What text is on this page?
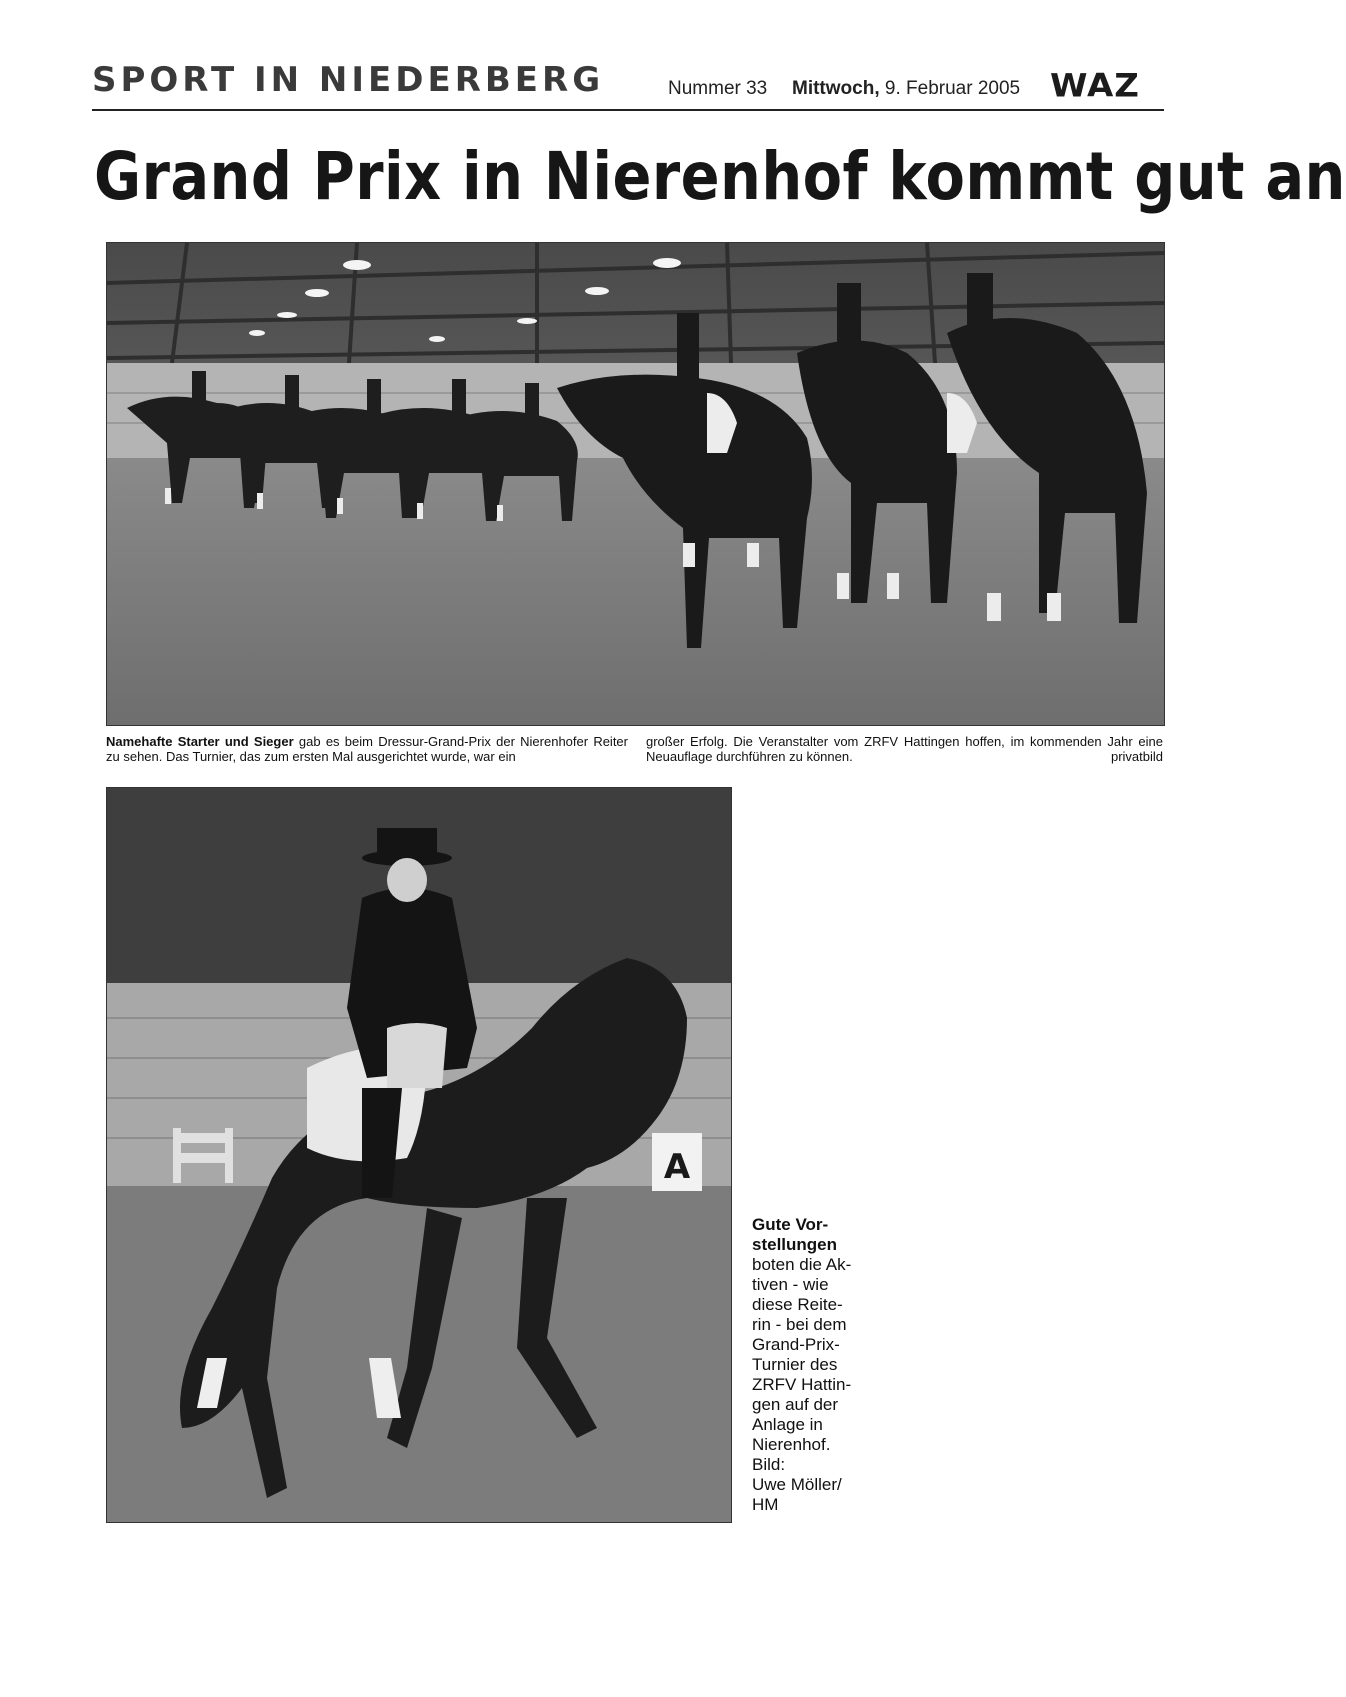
SPORT IN NIEDERBERG	Nummer 33 Mittwoch, 9. Februar 2005 WAZ
Grand Prix in Nierenhof kommt gut an
Namehafte Starter und Sieger gab es beim Dressur-Grand-Prix der Nierenhofer Reiter zu sehen. Das Turnier, das zum ersten Mal ausgerichtet wurde, war ein
großer Erfolg. Die Veranstalter vom ZRFV Hattingen hoffen, im kommenden Jahr eine Neuauflage durchführen zu können.	privatbild
A
Gute Vor-
stellungen
boten die Ak-
tiven - wie
diese Reite-
rin - bei dem
Grand-Prix-
Turnier des
ZRFV Hattin-
gen auf der
Anlage in
Nierenhof.
Bild:
Uwe Möller/
HM
